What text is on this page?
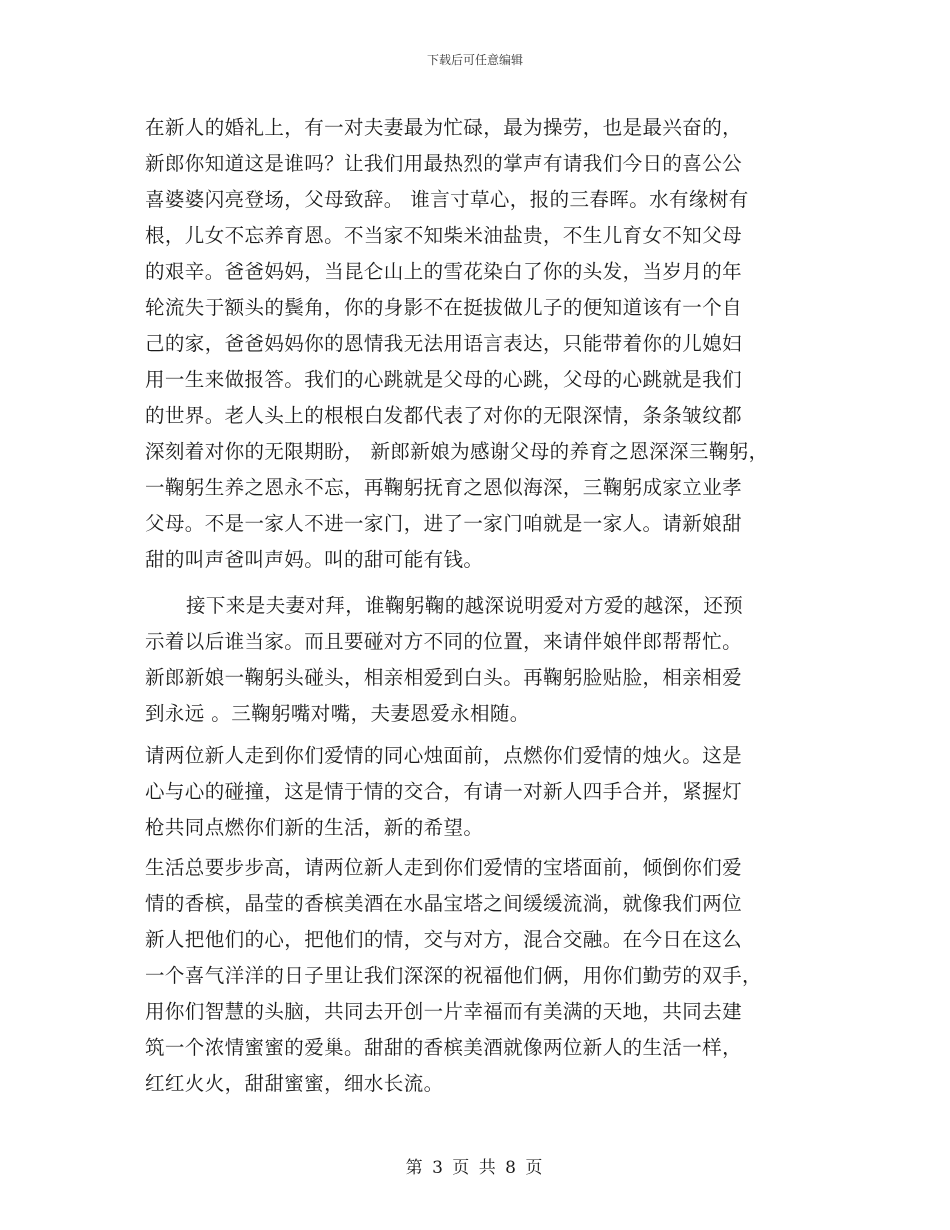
下载后可任意编辑
在新人的婚礼上，有一对夫妻最为忙碌，最为操劳，也是最兴奋的，
新郎你知道这是谁吗？让我们用最热烈的掌声有请我们今日的喜公公
喜婆婆闪亮登场，父母致辞。 谁言寸草心，报的三春晖。水有缘树有
根，儿女不忘养育恩。不当家不知柴米油盐贵，不生儿育女不知父母
的艰辛。爸爸妈妈，当昆仑山上的雪花染白了你的头发，当岁月的年
轮流失于额头的鬓角，你的身影不在挺拔做儿子的便知道该有一个自
己的家，爸爸妈妈你的恩情我无法用语言表达，只能带着你的儿媳妇
用一生来做报答。我们的心跳就是父母的心跳，父母的心跳就是我们
的世界。老人头上的根根白发都代表了对你的无限深情，条条皱纹都
深刻着对你的无限期盼， 新郎新娘为感谢父母的养育之恩深深三鞠躬，
一鞠躬生养之恩永不忘，再鞠躬抚育之恩似海深，三鞠躬成家立业孝
父母。不是一家人不进一家门，进了一家门咱就是一家人。请新娘甜
甜的叫声爸叫声妈。叫的甜可能有钱。
接下来是夫妻对拜，谁鞠躬鞠的越深说明爱对方爱的越深，还预
示着以后谁当家。而且要碰对方不同的位置，来请伴娘伴郎帮帮忙。
新郎新娘一鞠躬头碰头，相亲相爱到白头。再鞠躬脸贴脸，相亲相爱
到永远 。三鞠躬嘴对嘴，夫妻恩爱永相随。
请两位新人走到你们爱情的同心烛面前，点燃你们爱情的烛火。这是
心与心的碰撞，这是情于情的交合，有请一对新人四手合并，紧握灯
枪共同点燃你们新的生活，新的希望。
生活总要步步高，请两位新人走到你们爱情的宝塔面前，倾倒你们爱
情的香槟，晶莹的香槟美酒在水晶宝塔之间缓缓流淌，就像我们两位
新人把他们的心，把他们的情，交与对方，混合交融。在今日在这么
一个喜气洋洋的日子里让我们深深的祝福他们俩，用你们勤劳的双手，
用你们智慧的头脑，共同去开创一片幸福而有美满的天地，共同去建
筑一个浓情蜜蜜的爱巢。甜甜的香槟美酒就像两位新人的生活一样，
红红火火，甜甜蜜蜜，细水长流。
第 3 页 共 8 页
